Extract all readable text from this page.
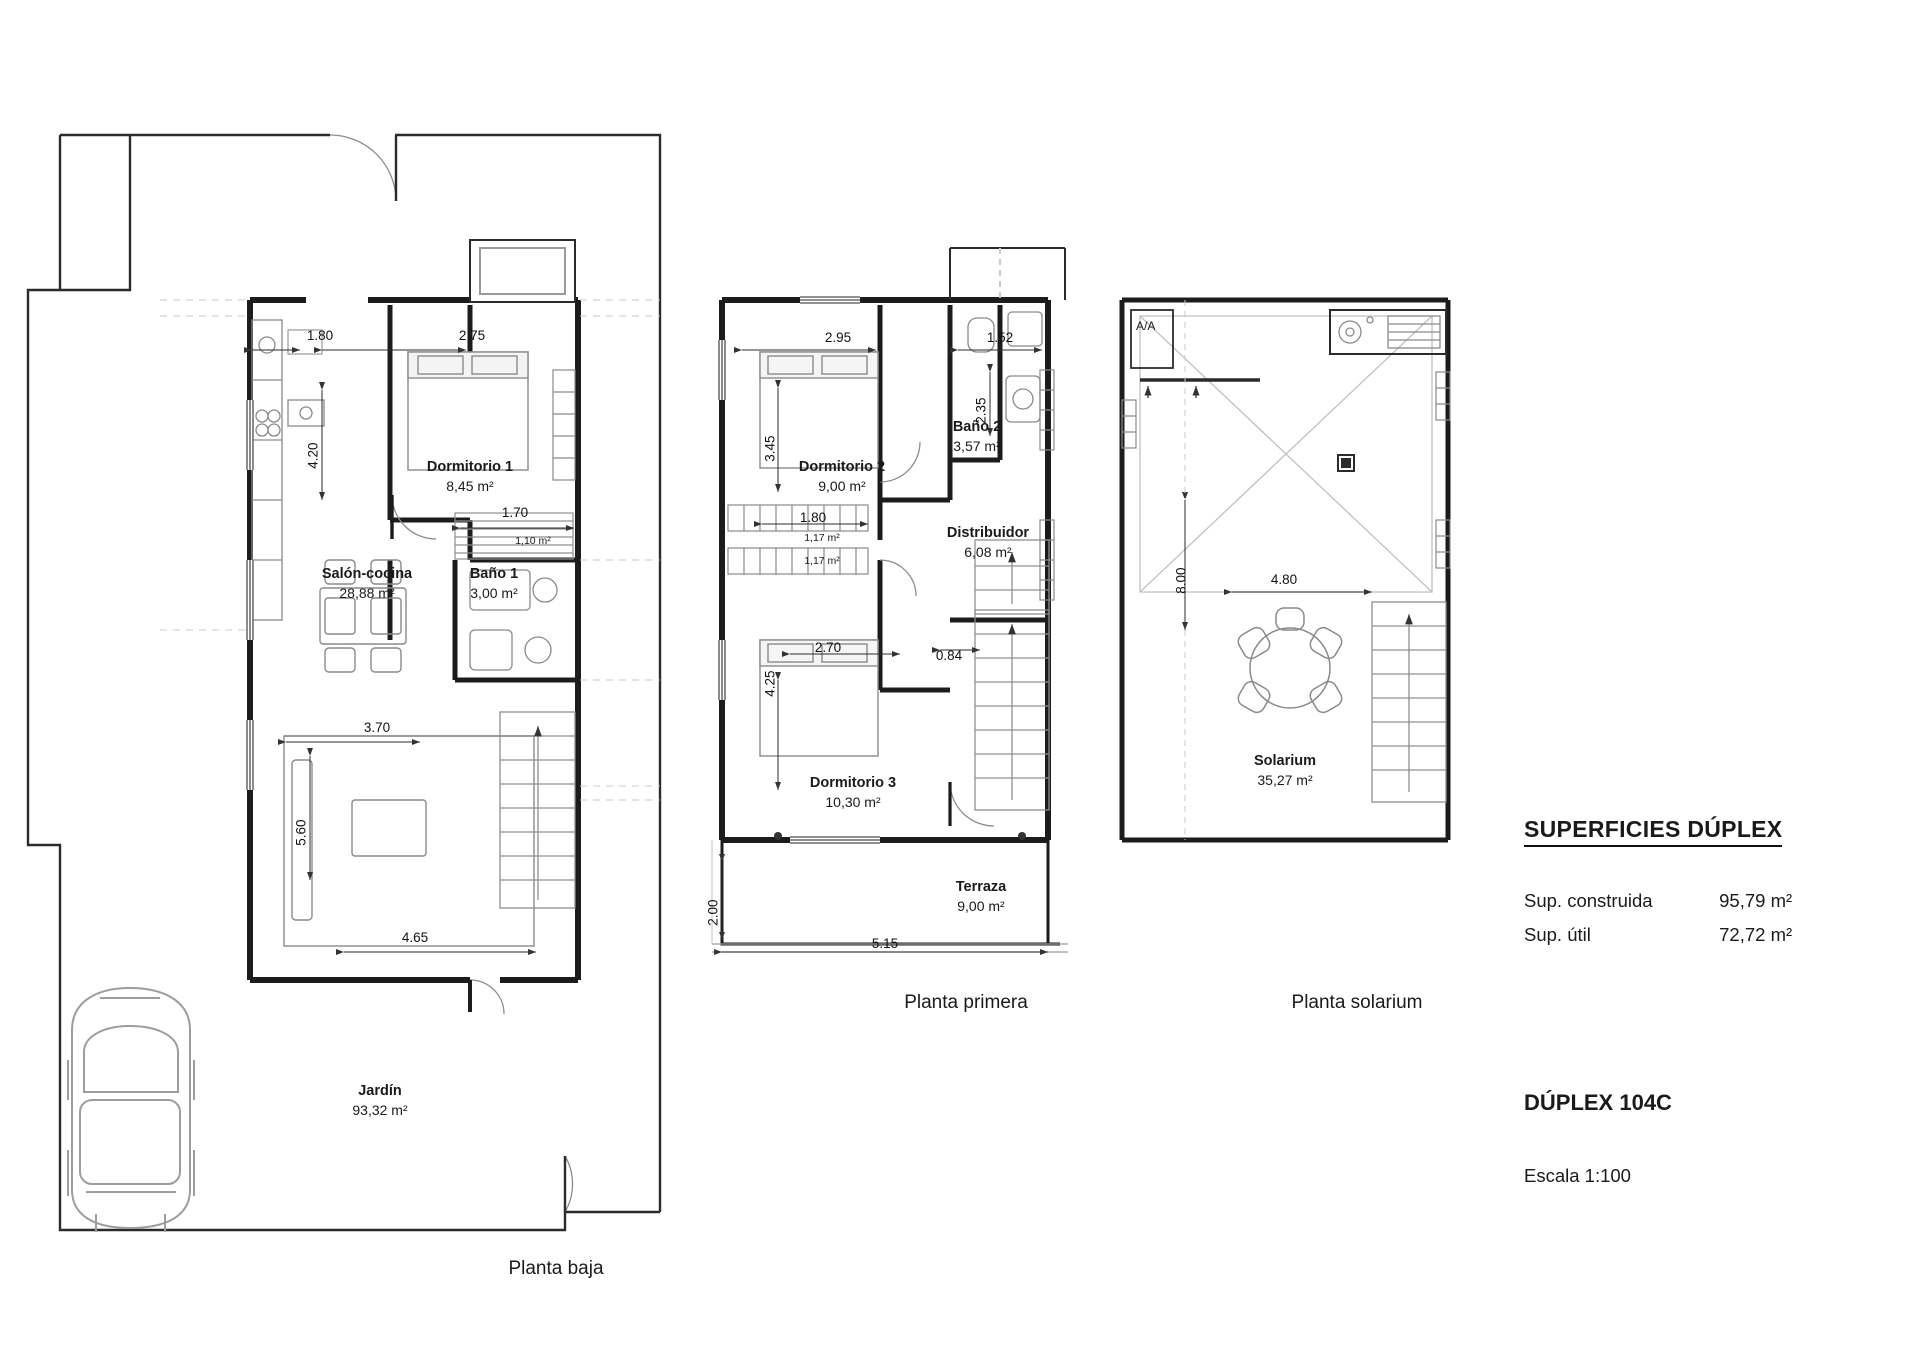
Dormitorio 1
8,45 m²
Salón-cocina
28,88 m²
Baño 1
3,00 m²
Jardín
93,32 m²
1,10 m²
1.80	2.75
4.20
1.70
3.70
5.60
4.65
Planta baja
Dormitorio 2
9,00 m²
Baño 2
3,57 m²
Distribuidor
6,08 m²
Dormitorio 3
10,30 m²
Terraza
9,00 m²
1,17 m²
1,17 m²
2.95	1.52
2.35
3.45
1.80
2.70
0.84
4.25
2.00
5.15
Planta primera
Solarium
35,27 m²
A/A
8.00	4.80
Planta solarium
SUPERFICIES DÚPLEX
Sup. construida	95,79 m²
Sup. útil	72,72 m²
DÚPLEX 104C
Escala 1:100
